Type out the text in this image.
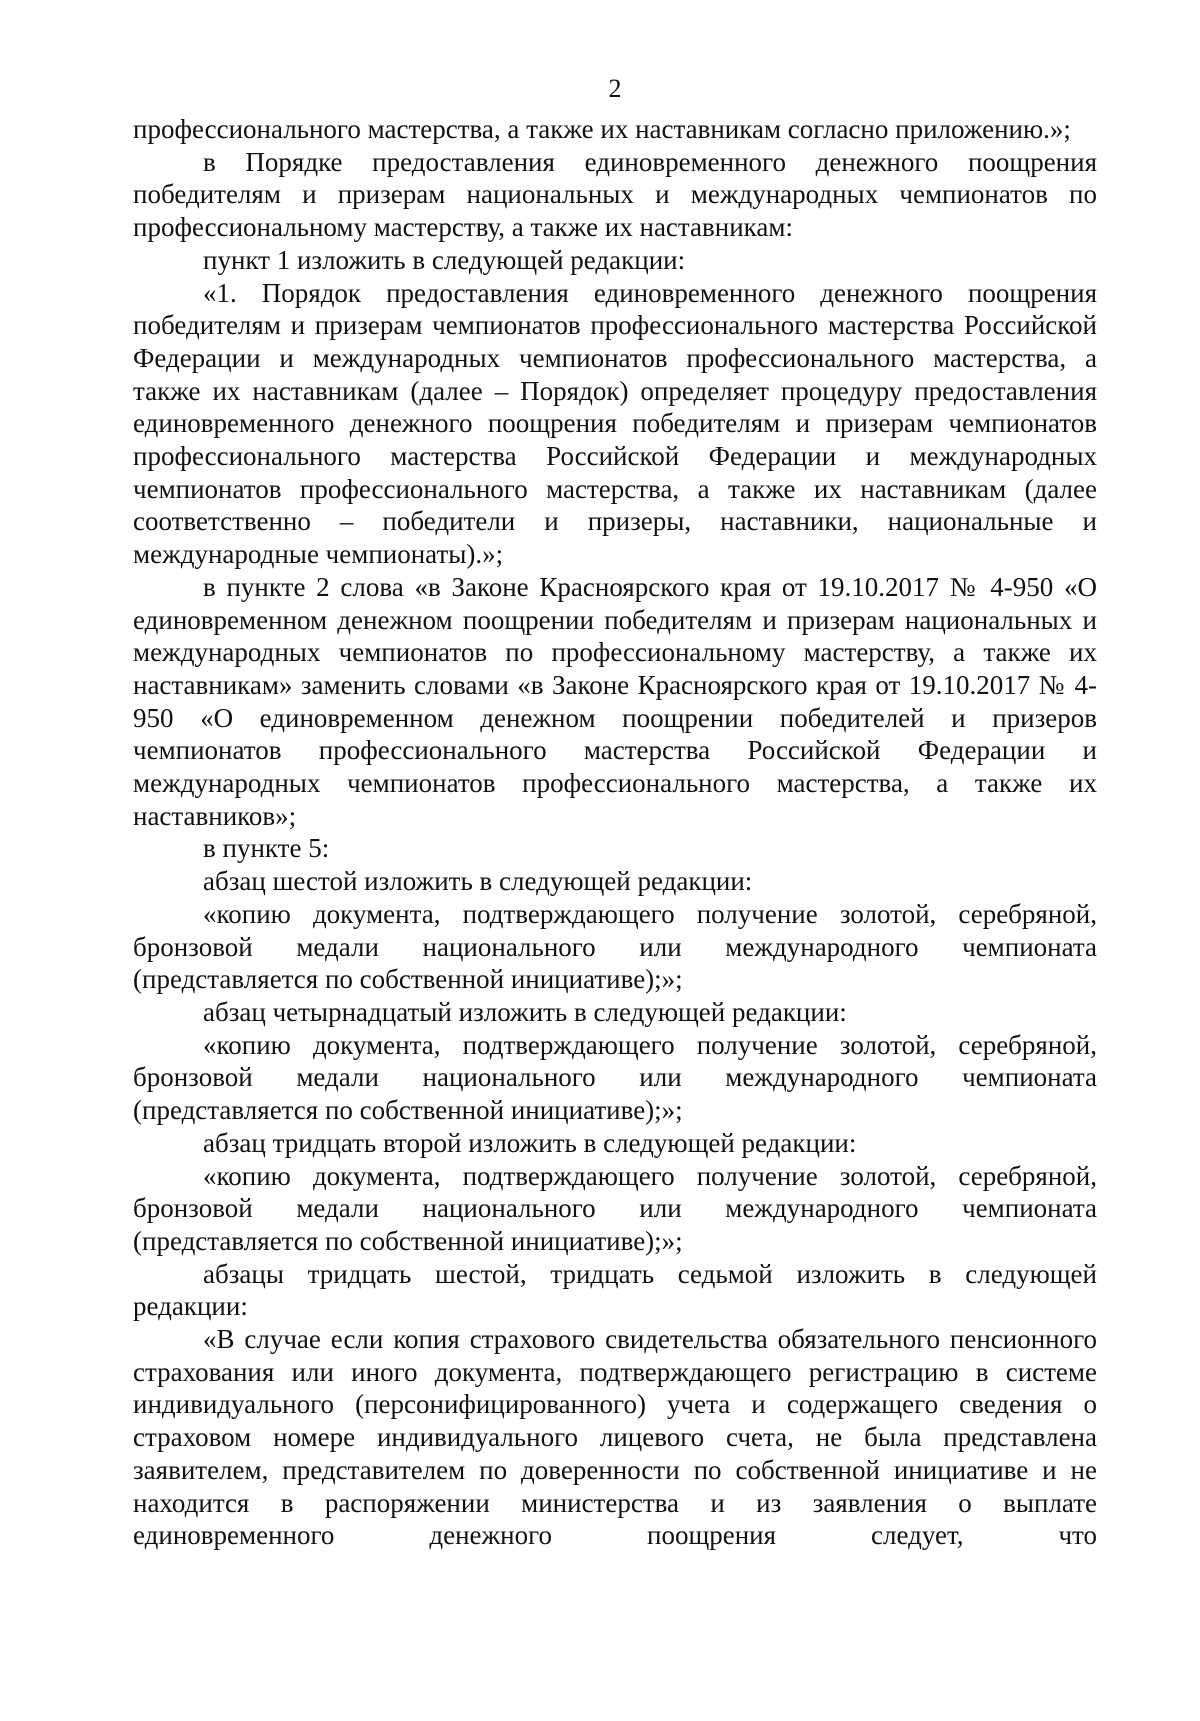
2

профессионального мастерства, а также их наставникам согласно приложению.»;

в Порядке предоставления единовременного денежного поощрения победителям и призерам национальных и международных чемпионатов по профессиональному мастерству, а также их наставникам:

пункт 1 изложить в следующей редакции:

«1. Порядок предоставления единовременного денежного поощрения победителям и призерам чемпионатов профессионального мастерства Российской Федерации и международных чемпионатов профессионального мастерства, а также их наставникам (далее – Порядок) определяет процедуру предоставления единовременного денежного поощрения победителям и призерам чемпионатов профессионального мастерства Российской Федерации и международных чемпионатов профессионального мастерства, а также их наставникам (далее соответственно – победители и призеры, наставники, национальные и международные чемпионаты).»;

в пункте 2 слова «в Законе Красноярского края от 19.10.2017 № 4-950 «О единовременном денежном поощрении победителям и призерам национальных и международных чемпионатов по профессиональному мастерству, а также их наставникам» заменить словами «в Законе Красноярского края от 19.10.2017 № 4-950 «О единовременном денежном поощрении победителей и призеров чемпионатов профессионального мастерства Российской Федерации и международных чемпионатов профессионального мастерства, а также их наставников»;

в пункте 5:

абзац шестой изложить в следующей редакции:

«копию документа, подтверждающего получение золотой, серебряной, бронзовой медали национального или международного чемпионата (представляется по собственной инициативе);»;

абзац четырнадцатый изложить в следующей редакции:

«копию документа, подтверждающего получение золотой, серебряной, бронзовой медали национального или международного чемпионата (представляется по собственной инициативе);»;

абзац тридцать второй изложить в следующей редакции:

«копию документа, подтверждающего получение золотой, серебряной, бронзовой медали национального или международного чемпионата (представляется по собственной инициативе);»;

абзацы тридцать шестой, тридцать седьмой изложить в следующей редакции:

«В случае если копия страхового свидетельства обязательного пенсионного страхования или иного документа, подтверждающего регистрацию в системе индивидуального (персонифицированного) учета и содержащего сведения о страховом номере индивидуального лицевого счета, не была представлена заявителем, представителем по доверенности по собственной инициативе и не находится в распоряжении министерства и из заявления о выплате единовременного денежного поощрения следует, что
